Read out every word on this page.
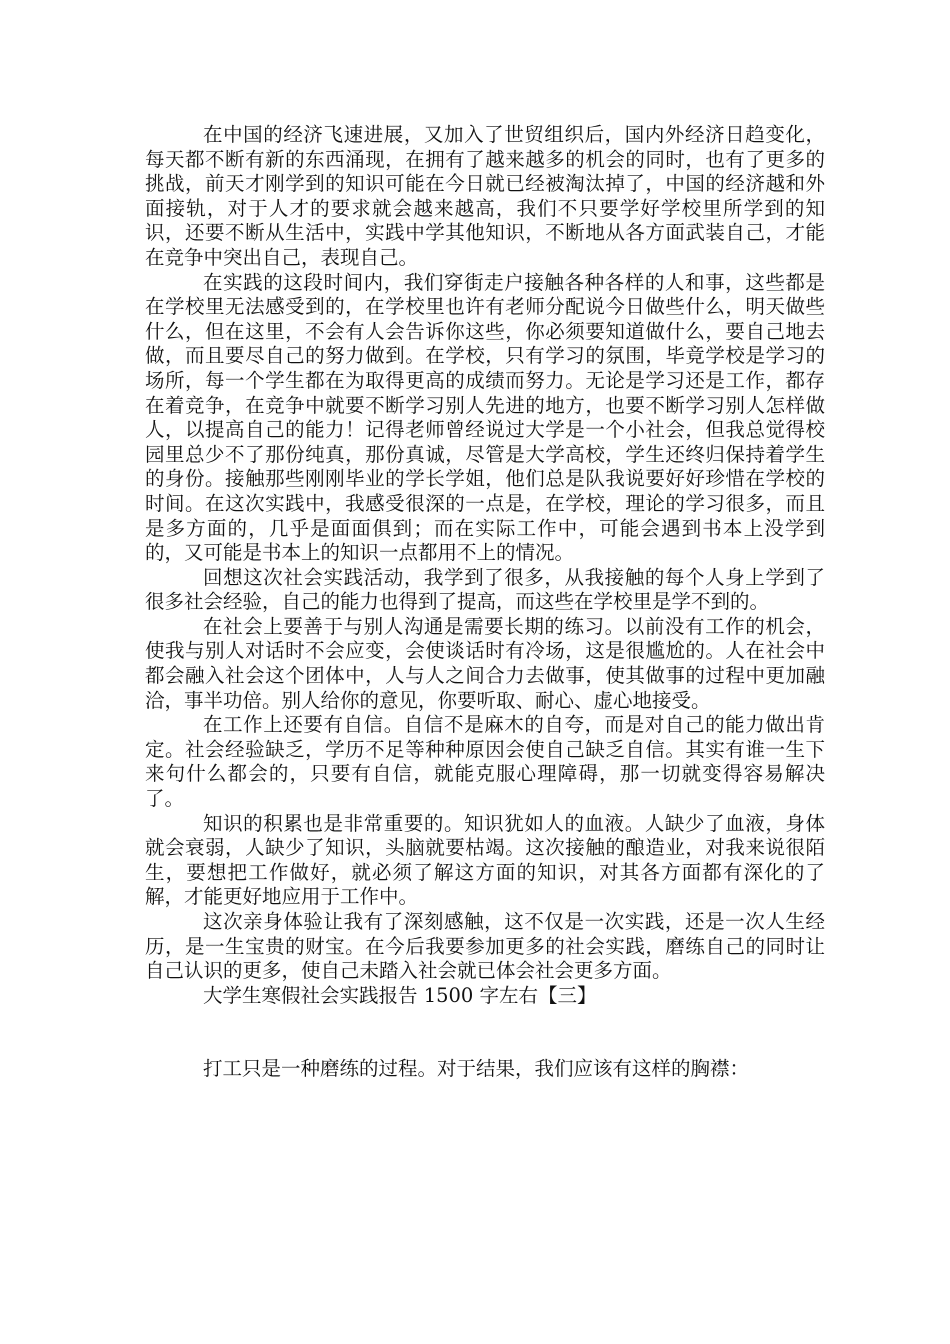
在中国的经济飞速进展，又加入了世贸组织后，国内外经济日趋变化，每天都不断有新的东西涌现，在拥有了越来越多的机会的同时，也有了更多的挑战，前天才刚学到的知识可能在今日就已经被淘汰掉了，中国的经济越和外面接轨，对于人才的要求就会越来越高，我们不只要学好学校里所学到的知识，还要不断从生活中，实践中学其他知识，不断地从各方面武装自己，才能在竞争中突出自己，表现自己。

在实践的这段时间内，我们穿街走户接触各种各样的人和事，这些都是在学校里无法感受到的，在学校里也许有老师分配说今日做些什么，明天做些什么，但在这里，不会有人会告诉你这些，你必须要知道做什么，要自己地去做，而且要尽自己的努力做到。在学校，只有学习的氛围，毕竟学校是学习的场所，每一个学生都在为取得更高的成绩而努力。无论是学习还是工作，都存在着竞争，在竞争中就要不断学习别人先进的地方，也要不断学习别人怎样做人，以提高自己的能力！记得老师曾经说过大学是一个小社会，但我总觉得校园里总少不了那份纯真，那份真诚，尽管是大学高校，学生还终归保持着学生的身份。接触那些刚刚毕业的学长学姐，他们总是队我说要好好珍惜在学校的时间。在这次实践中，我感受很深的一点是，在学校，理论的学习很多，而且是多方面的，几乎是面面俱到；而在实际工作中，可能会遇到书本上没学到的，又可能是书本上的知识一点都用不上的情况。

回想这次社会实践活动，我学到了很多，从我接触的每个人身上学到了很多社会经验，自己的能力也得到了提高，而这些在学校里是学不到的。

在社会上要善于与别人沟通是需要长期的练习。以前没有工作的机会，使我与别人对话时不会应变，会使谈话时有冷场，这是很尴尬的。人在社会中都会融入社会这个团体中，人与人之间合力去做事，使其做事的过程中更加融洽，事半功倍。别人给你的意见，你要听取、耐心、虚心地接受。

在工作上还要有自信。自信不是麻木的自夸，而是对自己的能力做出肯定。社会经验缺乏，学历不足等种种原因会使自己缺乏自信。其实有谁一生下来句什么都会的，只要有自信，就能克服心理障碍，那一切就变得容易解决了。

知识的积累也是非常重要的。知识犹如人的血液。人缺少了血液，身体就会衰弱，人缺少了知识，头脑就要枯竭。这次接触的酿造业，对我来说很陌生，要想把工作做好，就必须了解这方面的知识，对其各方面都有深化的了解，才能更好地应用于工作中。

这次亲身体验让我有了深刻感触，这不仅是一次实践，还是一次人生经历，是一生宝贵的财宝。在今后我要参加更多的社会实践，磨练自己的同时让自己认识的更多，使自己未踏入社会就已体会社会更多方面。

大学生寒假社会实践报告 1500 字左右【三】

打工只是一种磨练的过程。对于结果，我们应该有这样的胸襟：
